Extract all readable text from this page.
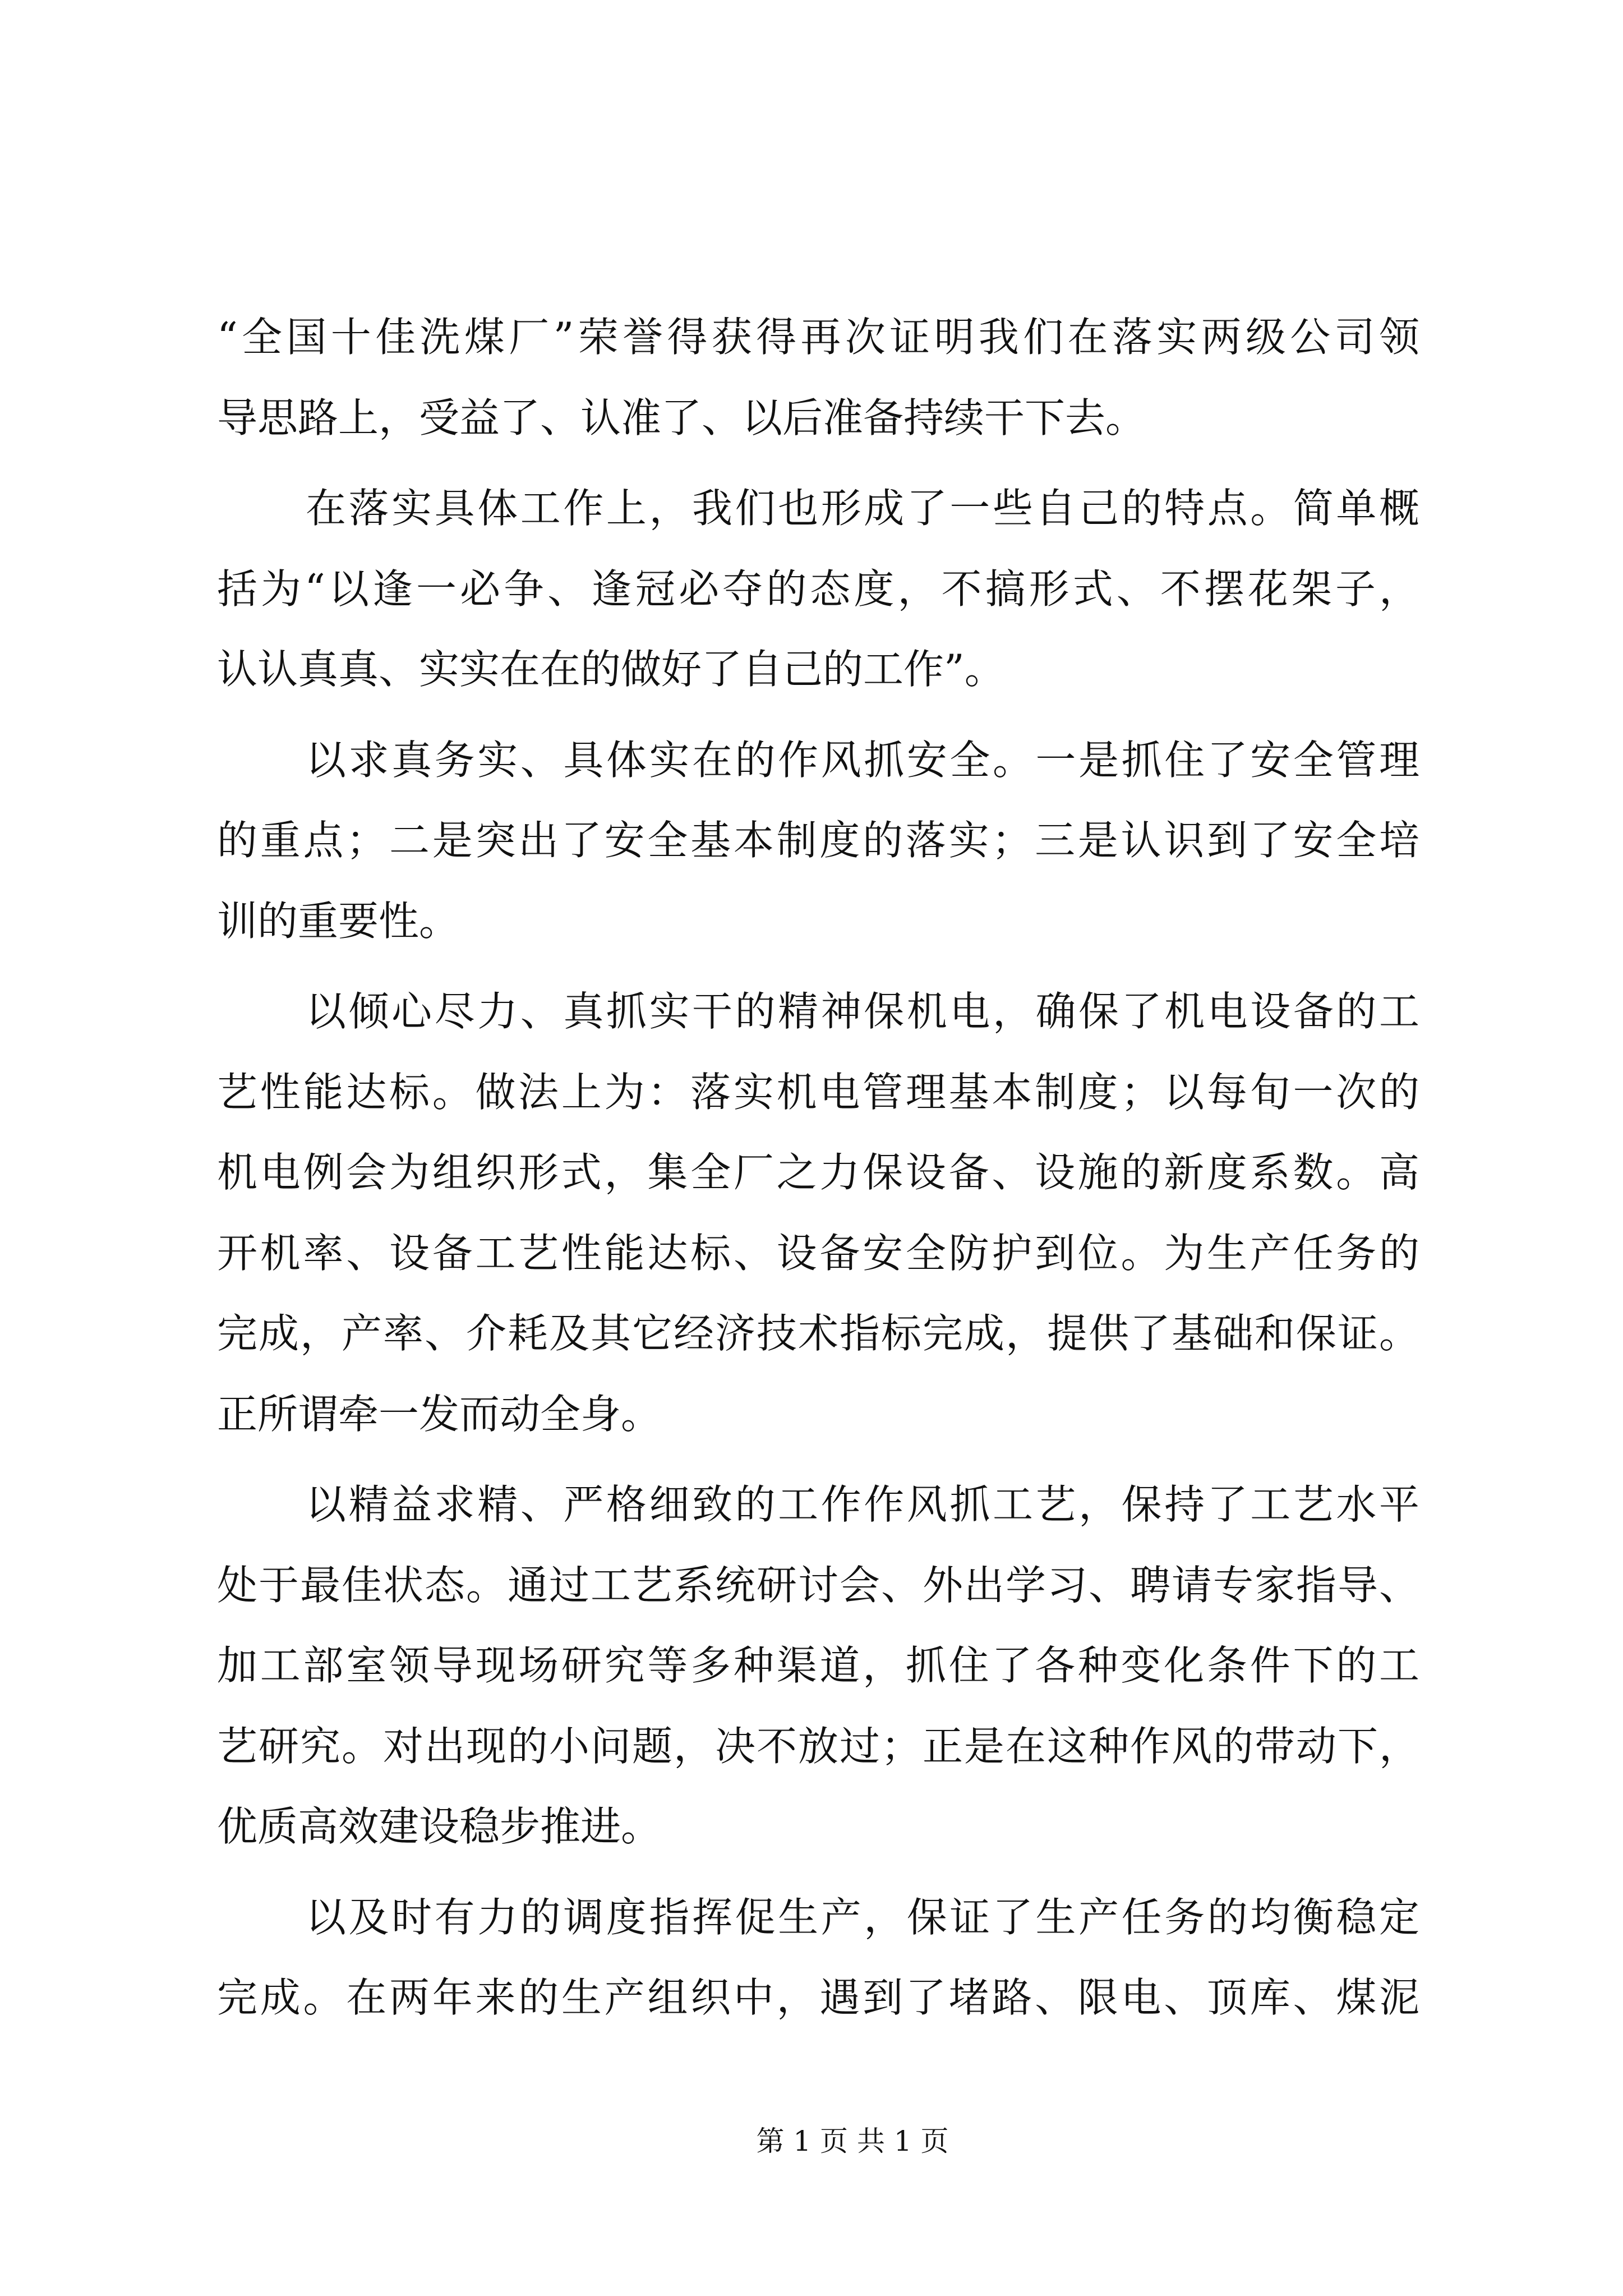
“全国十佳洗煤厂”荣誉得获得再次证明我们在落实两级公司领
导思路上，受益了、认准了、以后准备持续干下去。
在落实具体工作上，我们也形成了一些自己的特点。简单概
括为“以逢一必争、逢冠必夺的态度，不搞形式、不摆花架子，
认认真真、实实在在的做好了自己的工作”。
以求真务实、具体实在的作风抓安全。一是抓住了安全管理
的重点；二是突出了安全基本制度的落实；三是认识到了安全培
训的重要性。
以倾心尽力、真抓实干的精神保机电，确保了机电设备的工
艺性能达标。做法上为：落实机电管理基本制度；以每旬一次的
机电例会为组织形式，集全厂之力保设备、设施的新度系数。高
开机率、设备工艺性能达标、设备安全防护到位。为生产任务的
完成，产率、介耗及其它经济技术指标完成，提供了基础和保证。
正所谓牵一发而动全身。
以精益求精、严格细致的工作作风抓工艺，保持了工艺水平
处于最佳状态。通过工艺系统研讨会、外出学习、聘请专家指导、
加工部室领导现场研究等多种渠道，抓住了各种变化条件下的工
艺研究。对出现的小问题，决不放过；正是在这种作风的带动下，
优质高效建设稳步推进。
以及时有力的调度指挥促生产，保证了生产任务的均衡稳定
完成。在两年来的生产组织中，遇到了堵路、限电、顶库、煤泥
第 1 页 共 1 页
